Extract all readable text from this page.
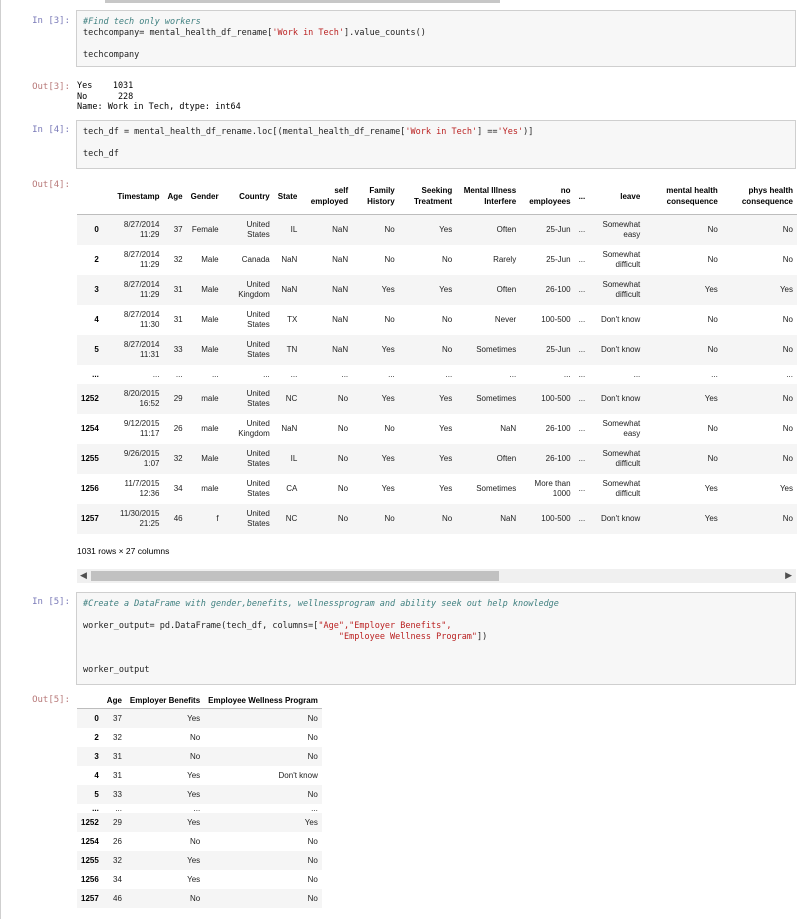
In [3]:	#Find tech only workers
techcompany= mental_health_df_rename['Work in Tech'].value_counts()

techcompany
Out[3]: Yes    1031
No      228
Name: Work in Tech, dtype: int64
In [4]:	tech_df = mental_health_df_rename.loc[(mental_health_df_rename['Work in Tech'] =='Yes')]

tech_df
Out[4]:
	Timestamp	Age	Gender	Country	State	self employed	Family History	Seeking Treatment	Mental Illness Interfere	no employees	...	leave	mental health consequence	phys health consequence
0	8/27/2014 11:29	37	Female	United States	IL	NaN	No	Yes	Often	25-Jun	...	Somewhat easy	No	No
2	8/27/2014 11:29	32	Male	Canada	NaN	NaN	No	No	Rarely	25-Jun	...	Somewhat difficult	No	No
3	8/27/2014 11:29	31	Male	United Kingdom	NaN	NaN	Yes	Yes	Often	26-100	...	Somewhat difficult	Yes	Yes
4	8/27/2014 11:30	31	Male	United States	TX	NaN	No	No	Never	100-500	...	Don't know	No	No
5	8/27/2014 11:31	33	Male	United States	TN	NaN	Yes	No	Sometimes	25-Jun	...	Don't know	No	No
...	...	...	...	...	...	...	...	...	...	...	...	...	...	...
1252	8/20/2015 16:52	29	male	United States	NC	No	Yes	Yes	Sometimes	100-500	...	Don't know	Yes	No
1254	9/12/2015 11:17	26	male	United Kingdom	NaN	No	No	Yes	NaN	26-100	...	Somewhat easy	No	No
1255	9/26/2015 1:07	32	Male	United States	IL	No	Yes	Yes	Often	26-100	...	Somewhat difficult	No	No
1256	11/7/2015 12:36	34	male	United States	CA	No	Yes	Yes	Sometimes	More than 1000	...	Somewhat difficult	Yes	Yes
1257	11/30/2015 21:25	46	f	United States	NC	No	No	No	NaN	100-500	...	Don't know	Yes	No
1031 rows × 27 columns
◀	▶
In [5]:	#Create a DataFrame with gender,benefits, wellnessprogram and ability seek out help knowledge

worker_output= pd.DataFrame(tech_df, columns=["Age","Employer Benefits",
"Employee Wellness Program"])

worker_output
Out[5]:
		Age	Employer Benefits	Employee Wellness Program
0	37	Yes	No
2	32	No	No
3	31	No	No
4	31	Yes	Don't know
5	33	Yes	No
...	...	...	...
1252	29	Yes	Yes
1254	26	No	No
1255	32	Yes	No
1256	34	Yes	No
1257	46	No	No
